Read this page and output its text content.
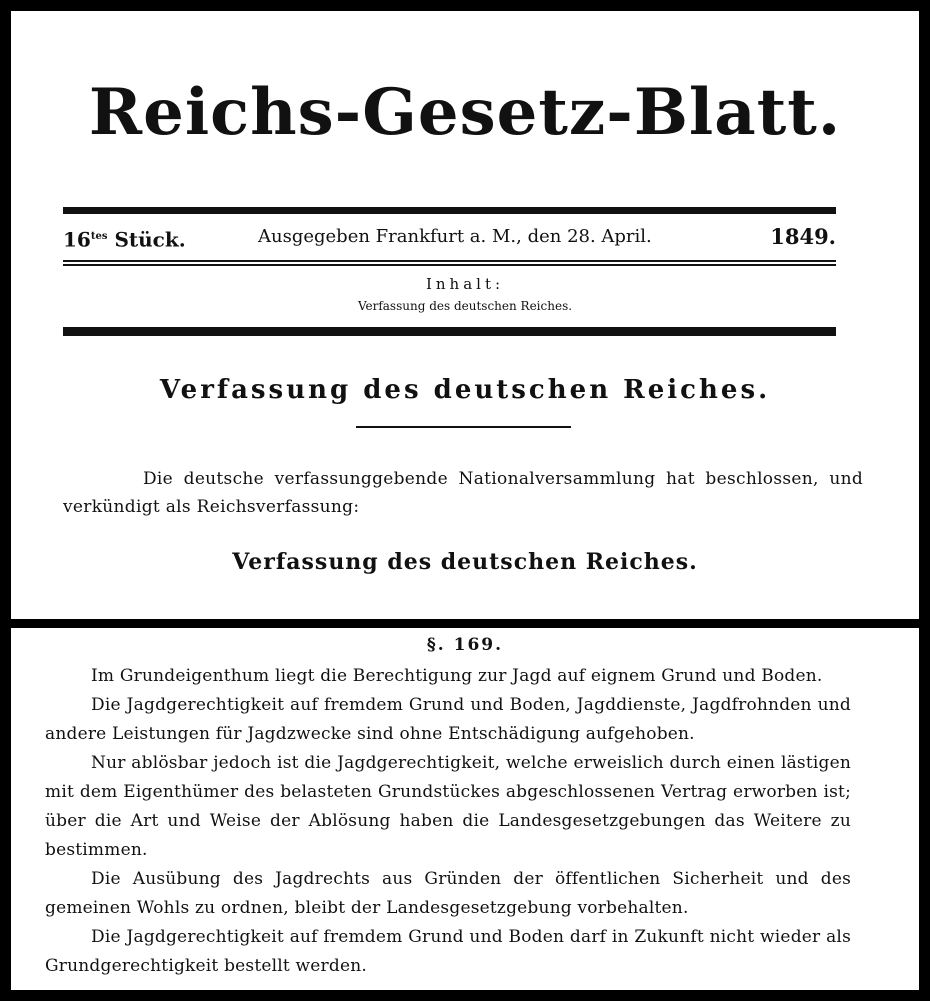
Reichs-Gesetz-Blatt.
$16^{tes}$ Stück.	Ausgegeben Frankfurt a. M., den 28. April.	1849.
Inhalt:
Verfassung des deutschen Reiches.
Verfassung des deutschen Reiches.
Die deutsche verfassunggebende Nationalversammlung hat beschlossen, und verkündigt als Reichsverfassung:
Verfassung des deutschen Reiches.
§. 169.

Im Grundeigenthum liegt die Berechtigung zur Jagd auf eignem Grund und Boden.

Die Jagdgerechtigkeit auf fremdem Grund und Boden, Jagddienste, Jagdfrohnden und andere Leistungen für Jagdzwecke sind ohne Entschädigung aufgehoben.

Nur ablösbar jedoch ist die Jagdgerechtigkeit, welche erweislich durch einen lästigen mit dem Eigenthümer des belasteten Grundstückes abgeschlossenen Vertrag erworben ist; über die Art und Weise der Ablösung haben die Landesgesetzgebungen das Weitere zu bestimmen.

Die Ausübung des Jagdrechts aus Gründen der öffentlichen Sicherheit und des gemeinen Wohls zu ordnen, bleibt der Landesgesetzgebung vorbehalten.

Die Jagdgerechtigkeit auf fremdem Grund und Boden darf in Zukunft nicht wieder als Grundgerechtigkeit bestellt werden.
